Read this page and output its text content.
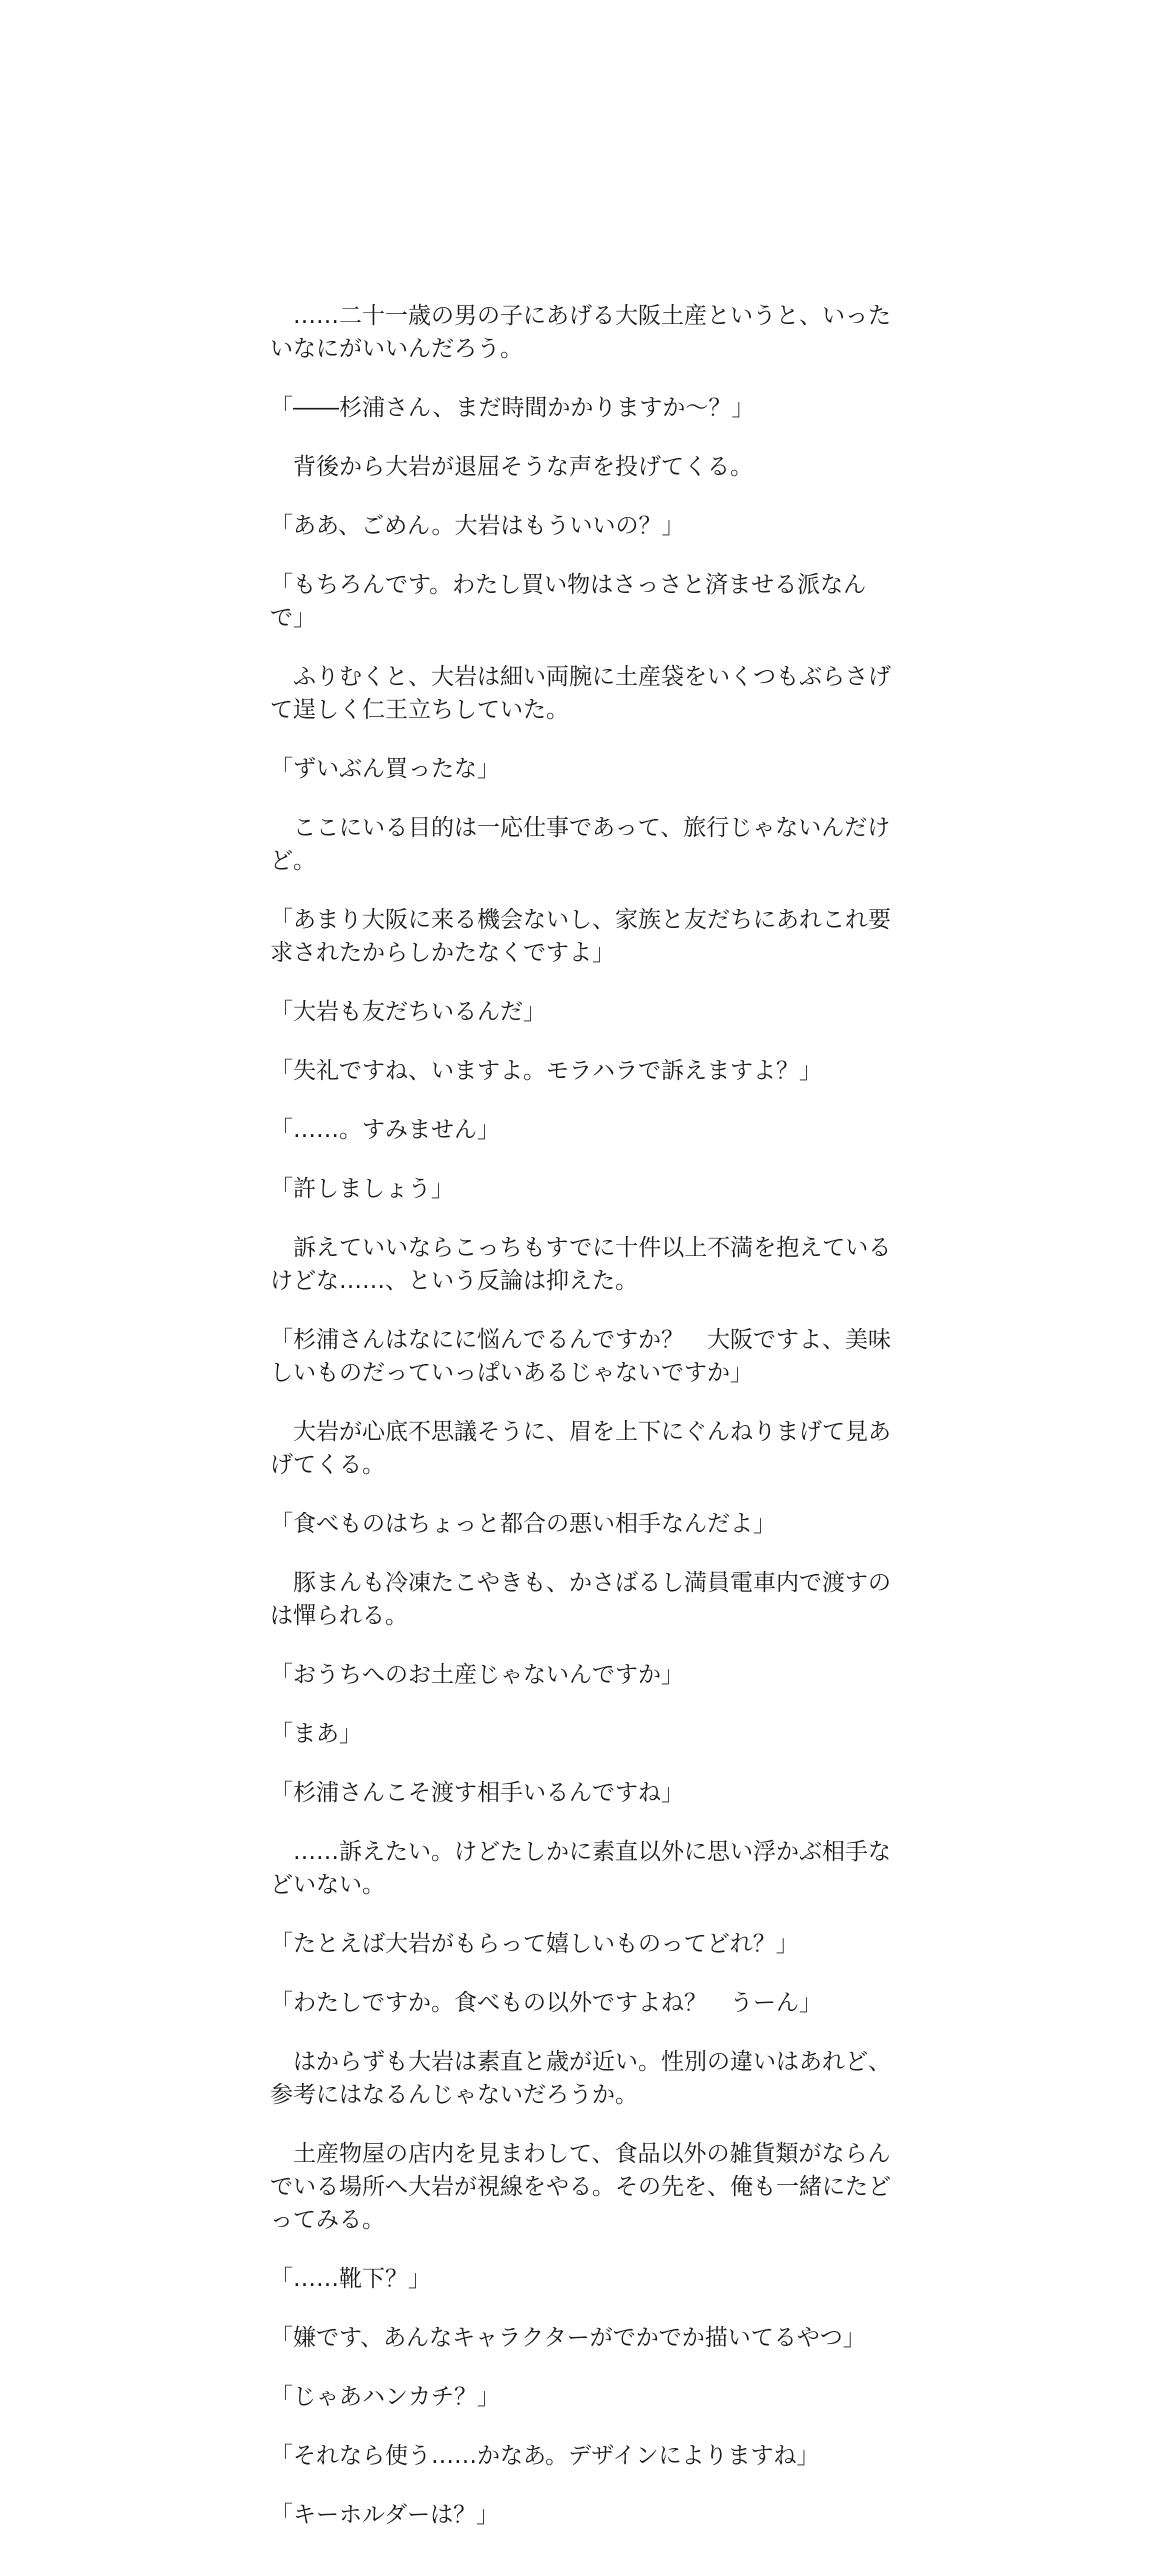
　……二十一歳の男の子にあげる大阪土産というと、いったいなにがいいんだろう。

「――杉浦さん、まだ時間かかりますか～？」

　背後から大岩が退屈そうな声を投げてくる。

「ああ、ごめん。大岩はもういいの？」

「もちろんです。わたし買い物はさっさと済ませる派なんで」

　ふりむくと、大岩は細い両腕に土産袋をいくつもぶらさげて逞しく仁王立ちしていた。

「ずいぶん買ったな」

　ここにいる目的は一応仕事であって、旅行じゃないんだけど。

「あまり大阪に来る機会ないし、家族と友だちにあれこれ要求されたからしかたなくですよ」

「大岩も友だちいるんだ」

「失礼ですね、いますよ。モラハラで訴えますよ？」

「……。すみません」

「許しましょう」

　訴えていいならこっちもすでに十件以上不満を抱えているけどな……、という反論は抑えた。

「杉浦さんはなにに悩んでるんですか？　大阪ですよ、美味しいものだっていっぱいあるじゃないですか」

　大岩が心底不思議そうに、眉を上下にぐんねりまげて見あげてくる。

「食べものはちょっと都合の悪い相手なんだよ」

　豚まんも冷凍たこやきも、かさばるし満員電車内で渡すのは憚られる。

「おうちへのお土産じゃないんですか」

「まあ」

「杉浦さんこそ渡す相手いるんですね」

　……訴えたい。けどたしかに素直以外に思い浮かぶ相手などいない。

「たとえば大岩がもらって嬉しいものってどれ？」

「わたしですか。食べもの以外ですよね？　うーん」

　はからずも大岩は素直と歳が近い。性別の違いはあれど、参考にはなるんじゃないだろうか。

　土産物屋の店内を見まわして、食品以外の雑貨類がならんでいる場所へ大岩が視線をやる。その先を、俺も一緒にたどってみる。

「……靴下？」

「嫌です、あんなキャラクターがでかでか描いてるやつ」

「じゃあハンカチ？」

「それなら使う……かなあ。デザインによりますね」

「キーホルダーは？」
